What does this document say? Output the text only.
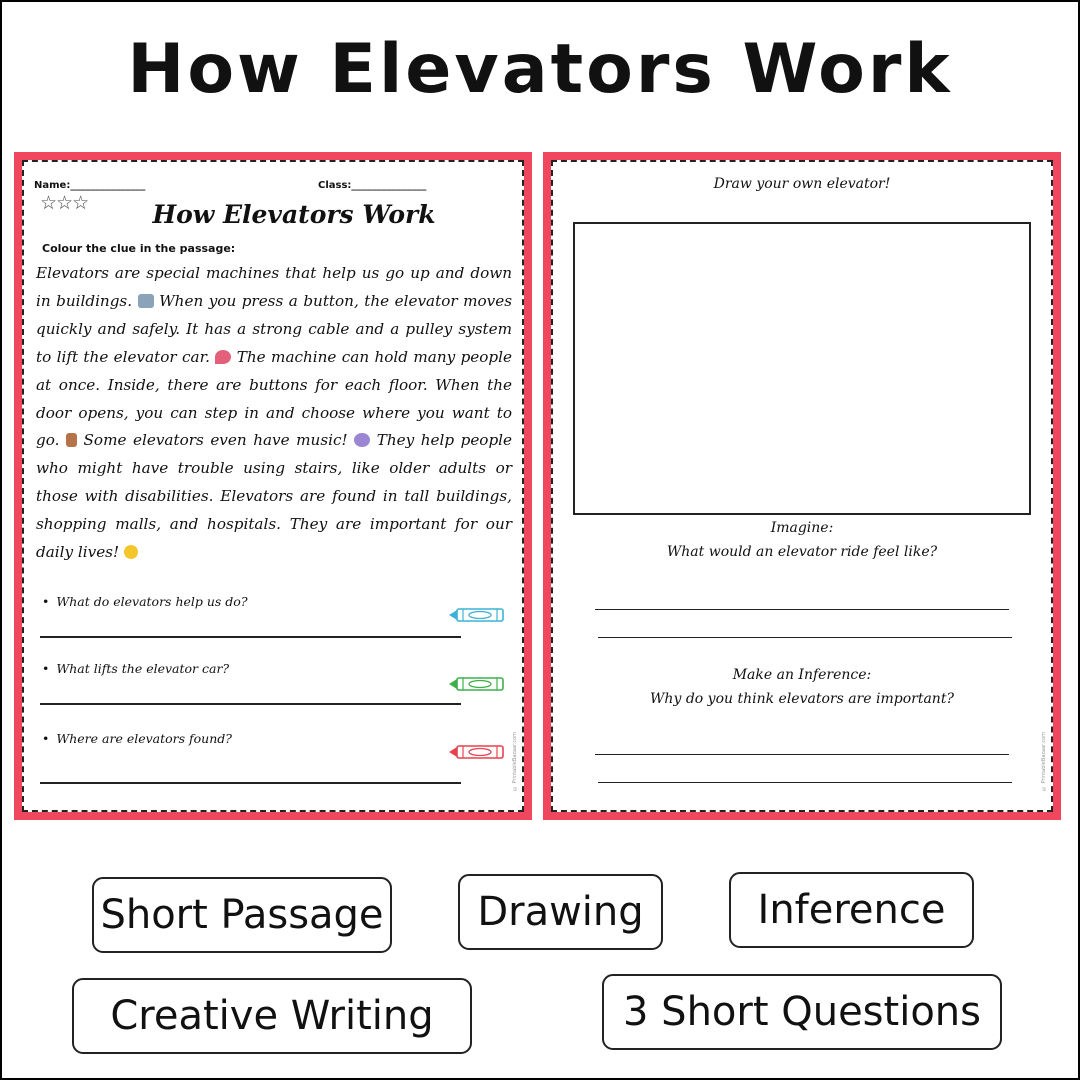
How Elevators Work
Name:_______________	Class:_______________
☆☆☆	How Elevators Work
Colour the clue in the passage:

Elevators are special machines that help us go up and down in buildings. When you press a button, the elevator moves quickly and safely. It has a strong cable and a pulley system to lift the elevator car. The machine can hold many people at once. Inside, there are buttons for each floor. When the door opens, you can step in and choose where you want to go. Some elevators even have music! They help people who might have trouble using stairs, like older adults or those with disabilities. Elevators are found in tall buildings, shopping malls, and hospitals. They are important for our daily lives!

• What do elevators help us do?
• What lifts the elevator car?
• Where are elevators found?	© PrintableBazaar.com
Draw your own elevator!
Imagine:
What would an elevator ride feel like?
Make an Inference:
Why do you think elevators are important?
© PrintableBazaar.com
Short Passage	Drawing	Inference
Creative Writing	3 Short Questions
